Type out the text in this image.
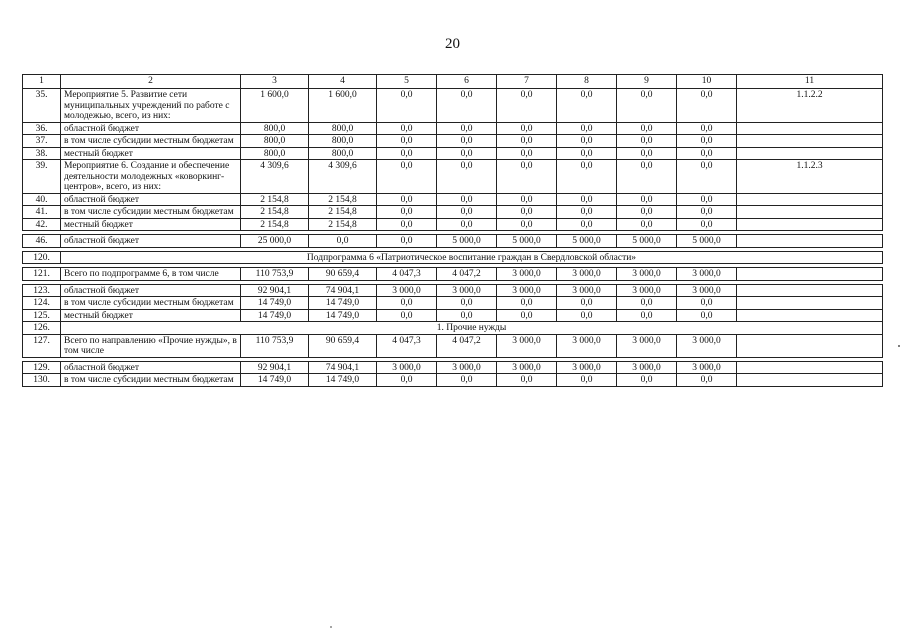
20
1	2	3	4	5	6	7	8	9	10	11
35.	Мероприятие 5. Развитие сети муниципальных учреждений по работе с молодежью, всего, из них:	1 600,0	1 600,0	0,0	0,0	0,0	0,0	0,0	0,0	1.1.2.2
36.	областной бюджет	800,0	800,0	0,0	0,0	0,0	0,0	0,0	0,0	
37.	в том числе субсидии местным бюджетам	800,0	800,0	0,0	0,0	0,0	0,0	0,0	0,0	
38.	местный бюджет	800,0	800,0	0,0	0,0	0,0	0,0	0,0	0,0	
39.	Мероприятие 6. Создание и обеспечение деятельности молодежных «коворкинг-центров», всего, из них:	4 309,6	4 309,6	0,0	0,0	0,0	0,0	0,0	0,0	1.1.2.3
40.	областной бюджет	2 154,8	2 154,8	0,0	0,0	0,0	0,0	0,0	0,0	
41.	в том числе субсидии местным бюджетам	2 154,8	2 154,8	0,0	0,0	0,0	0,0	0,0	0,0	
42.	местный бюджет	2 154,8	2 154,8	0,0	0,0	0,0	0,0	0,0	0,0	

46.	областной бюджет	25 000,0	0,0	0,0	5 000,0	5 000,0	5 000,0	5 000,0	5 000,0	

120.	Подпрограмма 6 «Патриотическое воспитание граждан в Свердловской области»									

121.	Всего по подпрограмме 6, в том числе	110 753,9	90 659,4	4 047,3	4 047,2	3 000,0	3 000,0	3 000,0	3 000,0	

123.	областной бюджет	92 904,1	74 904,1	3 000,0	3 000,0	3 000,0	3 000,0	3 000,0	3 000,0	
124.	в том числе субсидии местным бюджетам	14 749,0	14 749,0	0,0	0,0	0,0	0,0	0,0	0,0	
125.	местный бюджет	14 749,0	14 749,0	0,0	0,0	0,0	0,0	0,0	0,0	
126.	1. Прочие нужды									
127.	Всего по направлению «Прочие нужды», в том числе	110 753,9	90 659,4	4 047,3	4 047,2	3 000,0	3 000,0	3 000,0	3 000,0	

129.	областной бюджет	92 904,1	74 904,1	3 000,0	3 000,0	3 000,0	3 000,0	3 000,0	3 000,0	
130.	в том числе субсидии местным бюджетам	14 749,0	14 749,0	0,0	0,0	0,0	0,0	0,0	0,0	
